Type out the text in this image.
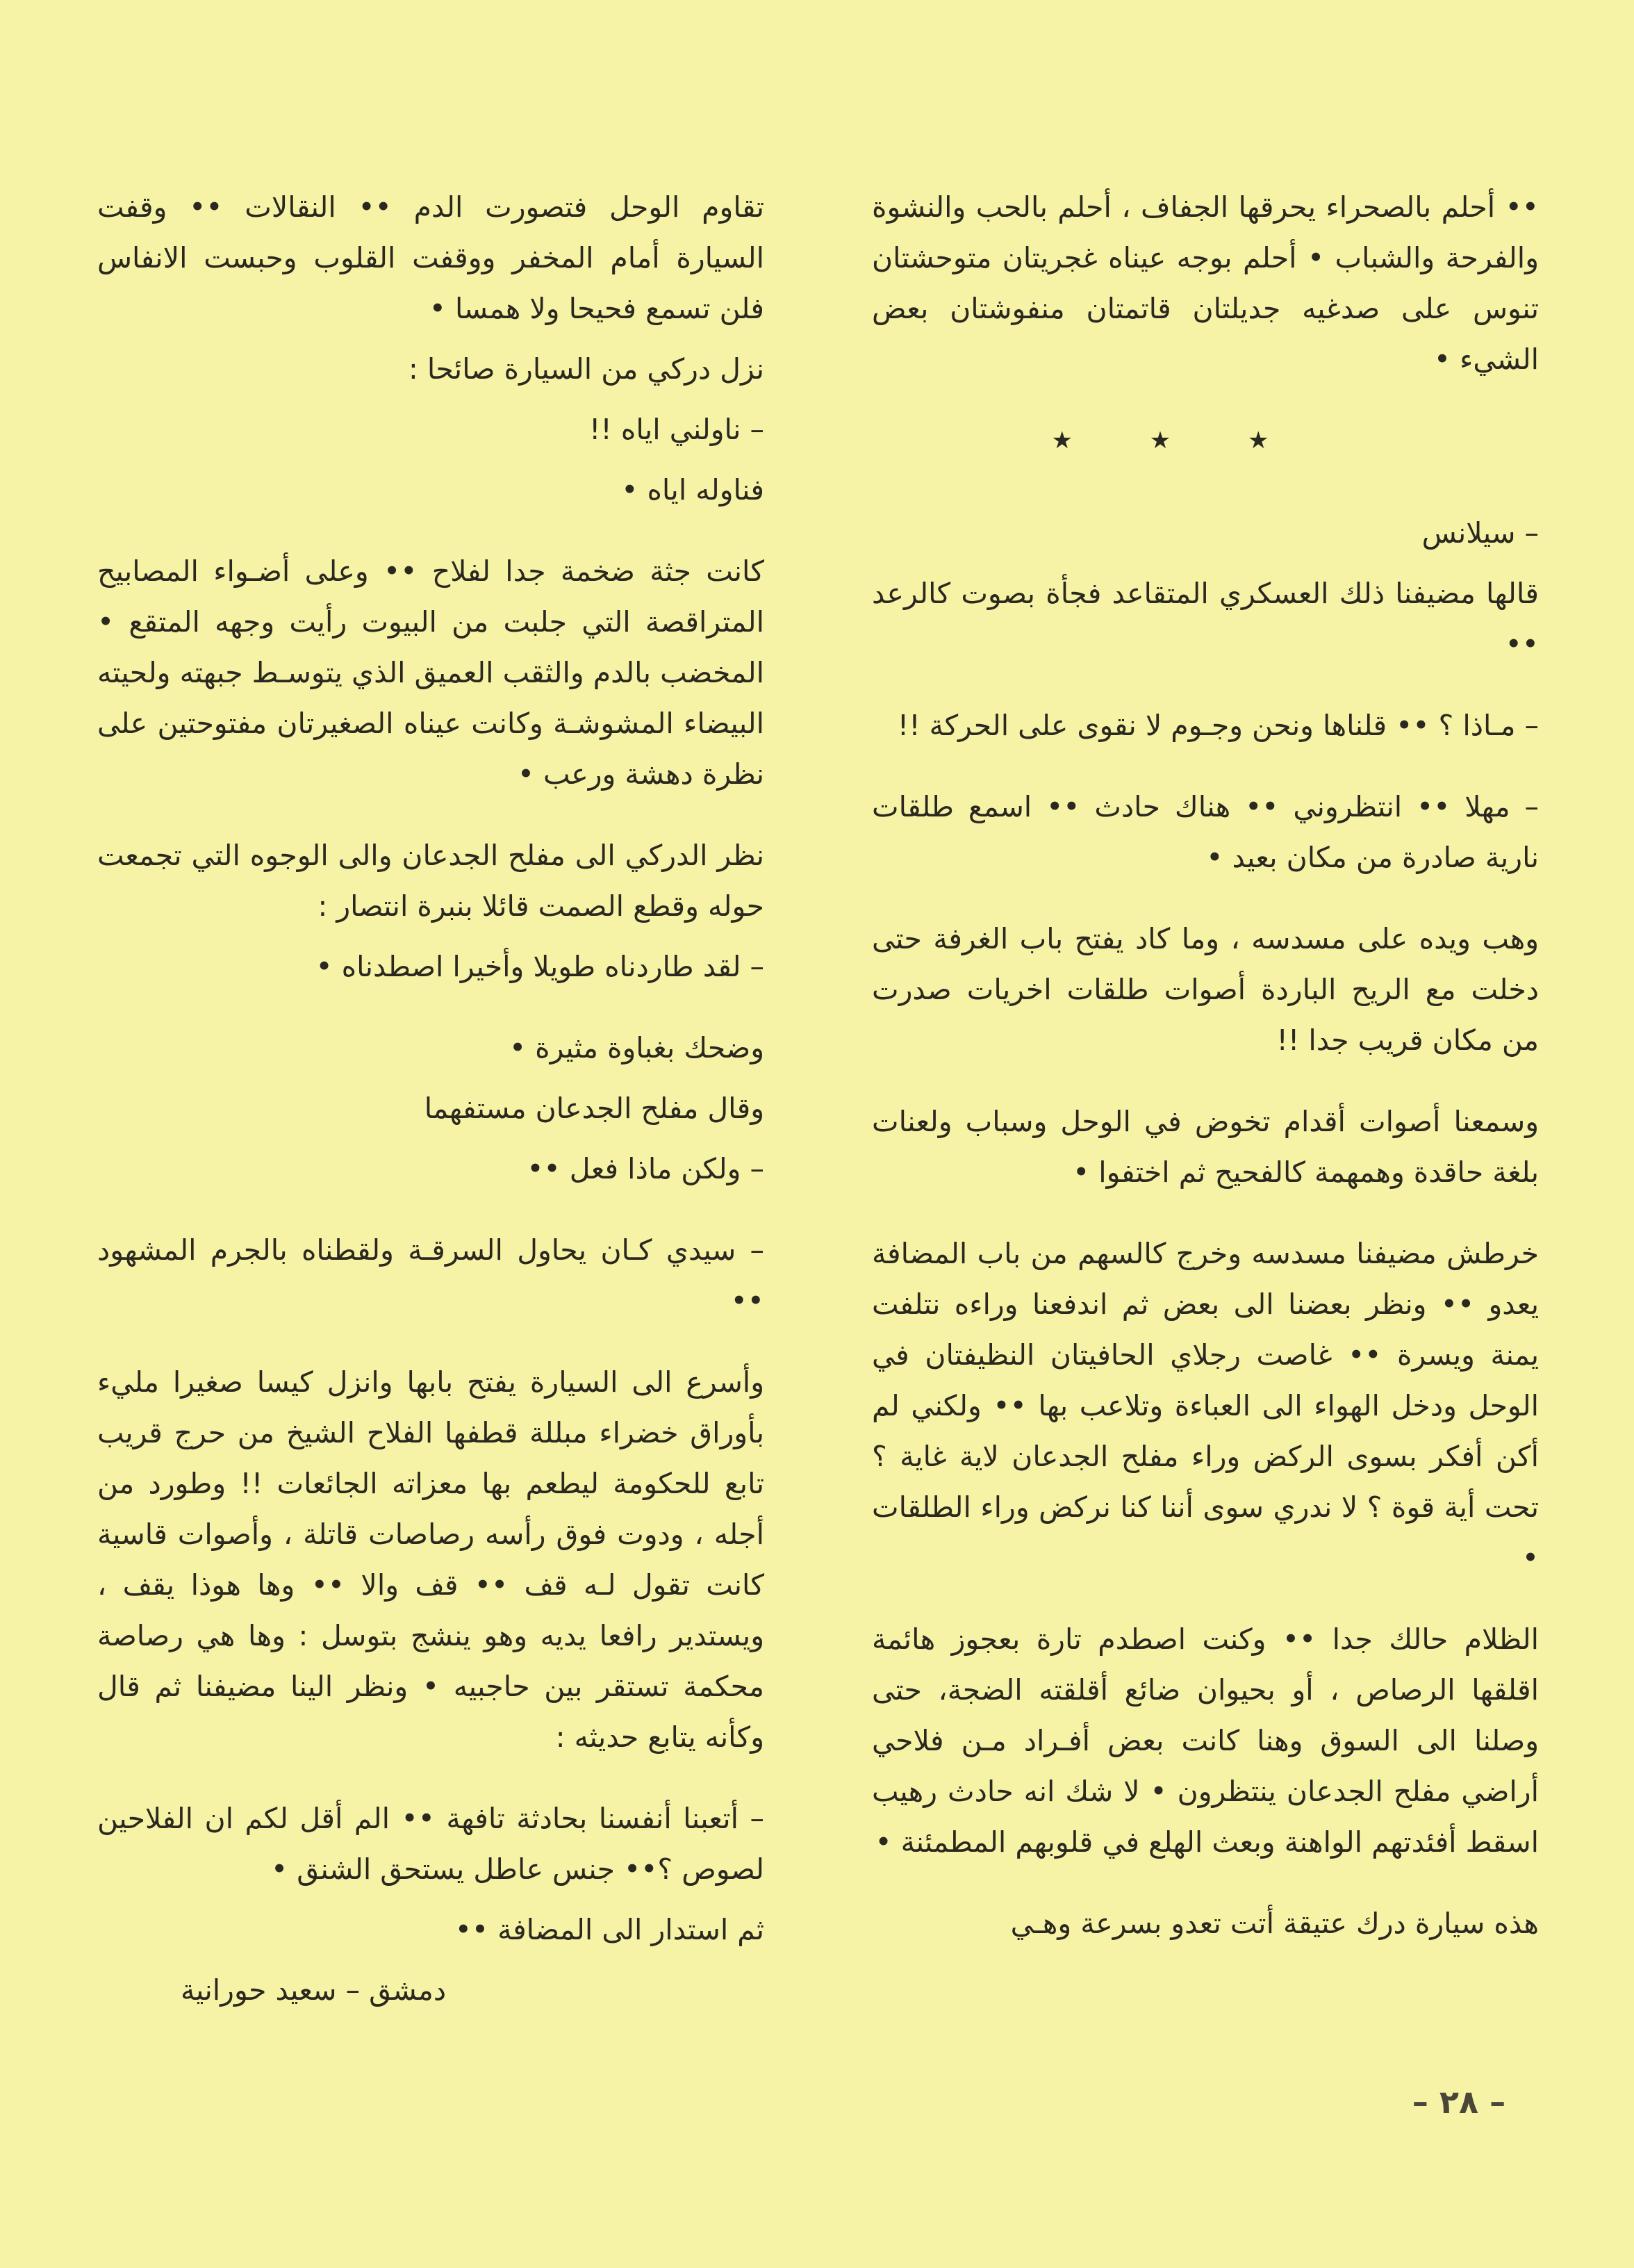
•• أحلم بالصحراء يحرقها الجفاف ، أحلم بالحب والنشوة والفرحة والشباب • أحلم بوجه عيناه غجريتان متوحشتان تنوس على صدغيه جديلتان قاتمتان منفوشتان بعض الشيء •

★ ★ ★

– سيلانس

قالها مضيفنا ذلك العسكري المتقاعد فجأة بصوت كالرعد ••

– مـاذا ؟ •• قلناها ونحن وجـوم لا نقوى على الحركة !!

– مهلا •• انتظروني •• هناك حادث •• اسمع طلقات نارية صادرة من مكان بعيد •

وهب ويده على مسدسه ، وما كاد يفتح باب الغرفة حتى دخلت مع الريح الباردة أصوات طلقات اخريات صدرت من مكان قريب جدا !!

وسمعنا أصوات أقدام تخوض في الوحل وسباب ولعنات بلغة حاقدة وهمهمة كالفحيح ثم اختفوا •

خرطش مضيفنا مسدسه وخرج كالسهم من باب المضافة يعدو •• ونظر بعضنا الى بعض ثم اندفعنا وراءه نتلفت يمنة ويسرة •• غاصت رجلاي الحافيتان النظيفتان في الوحل ودخل الهواء الى العباءة وتلاعب بها •• ولكني لم أكن أفكر بسوى الركض وراء مفلح الجدعان لاية غاية ؟ تحت أية قوة ؟ لا ندري سوى أننا كنا نركض وراء الطلقات •

الظلام حالك جدا •• وكنت اصطدم تارة بعجوز هائمة اقلقها الرصاص ، أو بحيوان ضائع أقلقته الضجة، حتى وصلنا الى السوق وهنا كانت بعض أفـراد مـن فلاحي أراضي مفلح الجدعان ينتظرون • لا شك انه حادث رهيب اسقط أفئدتهم الواهنة وبعث الهلع في قلوبهم المطمئنة •

هذه سيارة درك عتيقة أتت تعدو بسرعة وهـي

تقاوم الوحل فتصورت الدم •• النقالات •• وقفت السيارة أمام المخفر ووقفت القلوب وحبست الانفاس فلن تسمع فحيحا ولا همسا •

نزل دركي من السيارة صائحا :

– ناولني اياه !!

فناوله اياه •

كانت جثة ضخمة جدا لفلاح •• وعلى أضـواء المصابيح المتراقصة التي جلبت من البيوت رأيت وجهه المتقع • المخضب بالدم والثقب العميق الذي يتوسـط جبهته ولحيته البيضاء المشوشـة وكانت عيناه الصغيرتان مفتوحتين على نظرة دهشة ورعب •

نظر الدركي الى مفلح الجدعان والى الوجوه التي تجمعت حوله وقطع الصمت قائلا بنبرة انتصار :

– لقد طاردناه طويلا وأخيرا اصطدناه •

وضحك بغباوة مثيرة •

وقال مفلح الجدعان مستفهما

– ولكن ماذا فعل ••

– سيدي كـان يحاول السرقـة ولقطناه بالجرم المشهود ••

وأسرع الى السيارة يفتح بابها وانزل كيسا صغيرا مليء بأوراق خضراء مبللة قطفها الفلاح الشيخ من حرج قريب تابع للحكومة ليطعم بها معزاته الجائعات !! وطورد من أجله ، ودوت فوق رأسه رصاصات قاتلة ، وأصوات قاسية كانت تقول لـه قف •• قف والا •• وها هوذا يقف ، ويستدير رافعا يديه وهو ينشج بتوسل : وها هي رصاصة محكمة تستقر بين حاجبيه • ونظر الينا مضيفنا ثم قال وكأنه يتابع حديثه :

– أتعبنا أنفسنا بحادثة تافهة •• الم أقل لكم ان الفلاحين لصوص ؟•• جنس عاطل يستحق الشنق •

ثم استدار الى المضافة ••

دمشق – سعيد حورانية
– ٢٨ –
